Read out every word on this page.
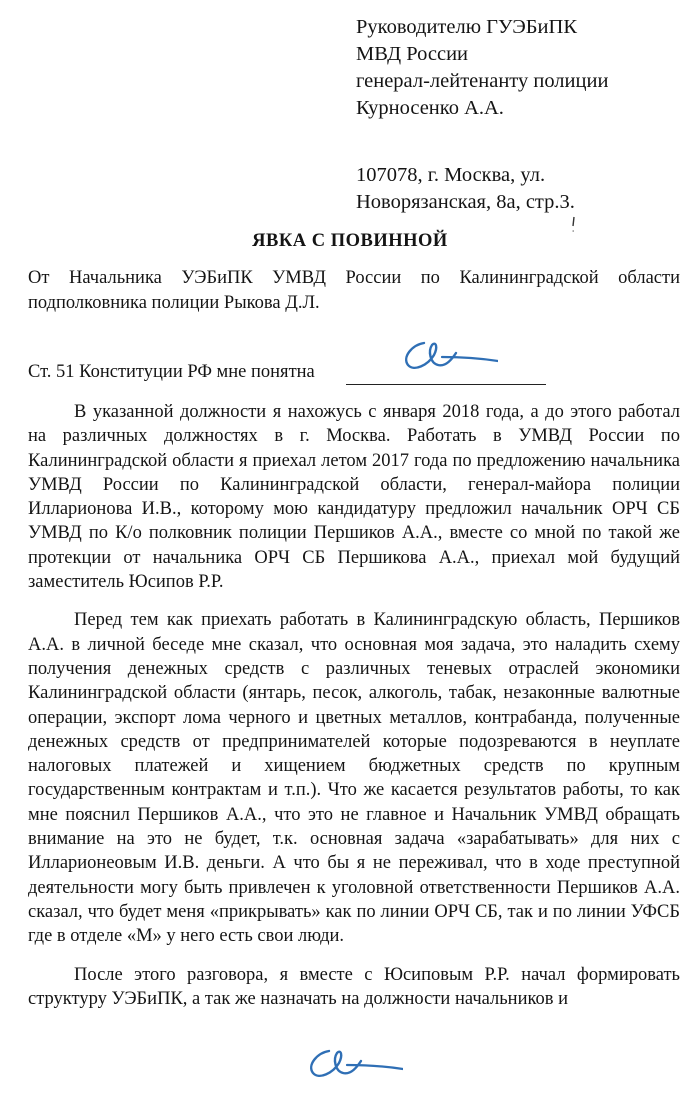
Руководителю ГУЭБиПК
МВД России
генерал-лейтенанту полиции
Курносенко А.А.
107078, г. Москва, ул.
Новорязанская, 8а, стр.3.
ЯВКА С ПОВИННОЙ
От Начальника УЭБиПК УМВД России по Калининградской области подполковника полиции Рыкова Д.Л.
Ст. 51 Конституции РФ мне понятна

В указанной должности я нахожусь с января 2018 года, а до этого работал на различных должностях в г. Москва. Работать в УМВД России по Калининградской области я приехал летом 2017 года по предложению начальника УМВД России по Калининградской области, генерал-майора полиции Илларионова И.В., которому мою кандидатуру предложил начальник ОРЧ СБ УМВД по К/о полковник полиции Першиков А.А., вместе со мной по такой же протекции от начальника ОРЧ СБ Першикова А.А., приехал мой будущий заместитель Юсипов Р.Р.

Перед тем как приехать работать в Калининградскую область, Першиков А.А. в личной беседе мне сказал, что основная моя задача, это наладить схему получения денежных средств с различных теневых отраслей экономики Калининградской области (янтарь, песок, алкоголь, табак, незаконные валютные операции, экспорт лома черного и цветных металлов, контрабанда, полученные денежных средств от предпринимателей которые подозреваются в неуплате налоговых платежей и хищением бюджетных средств по крупным государственным контрактам и т.п.). Что же касается результатов работы, то как мне пояснил Першиков А.А., что это не главное и Начальник УМВД обращать внимание на это не будет, т.к. основная задача «зарабатывать» для них с Илларионеовым И.В. деньги. А что бы я не переживал, что в ходе преступной деятельности могу быть привлечен к уголовной ответственности Першиков А.А. сказал, что будет меня «прикрывать» как по линии ОРЧ СБ, так и по линии УФСБ где в отделе «М» у него есть свои люди.

После этого разговора, я вместе с Юсиповым Р.Р. начал формировать структуру УЭБиПК, а так же назначать на должности начальников и
